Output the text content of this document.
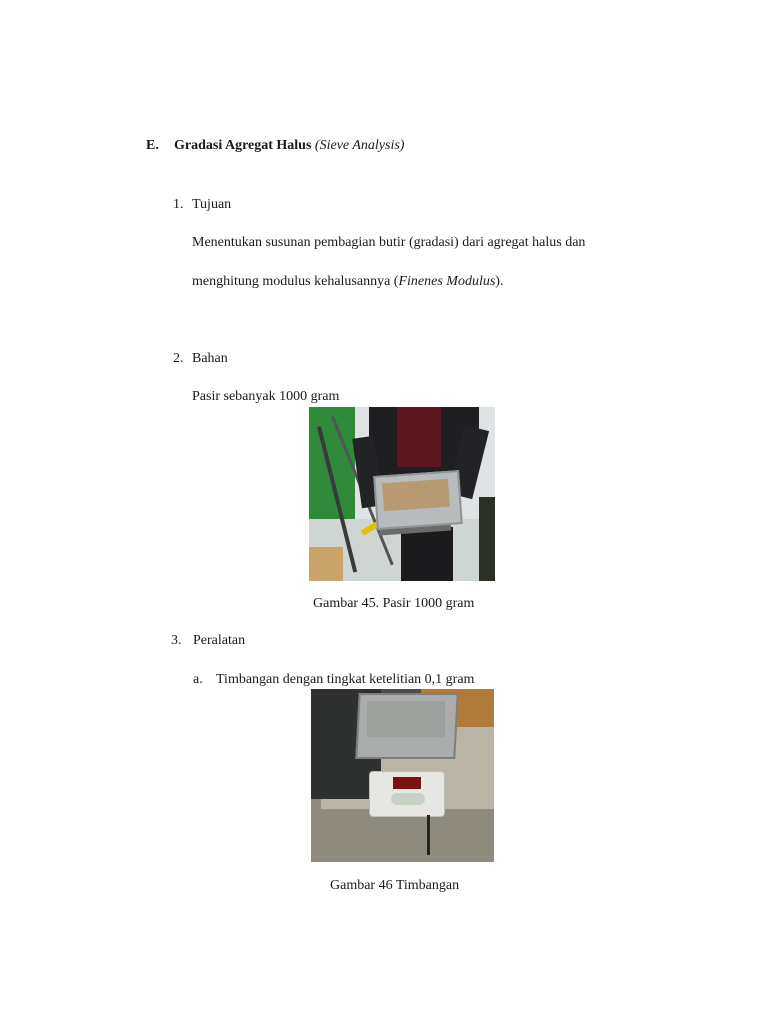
E. Gradasi Agregat Halus (Sieve Analysis)
1. Tujuan
Menentukan susunan pembagian butir (gradasi) dari agregat halus dan
menghitung modulus kehalusannya (Finenes Modulus).
2. Bahan
Pasir sebanyak 1000 gram
Gambar 45. Pasir 1000 gram
3. Peralatan
a. Timbangan dengan tingkat ketelitian 0,1 gram
Gambar 46 Timbangan
